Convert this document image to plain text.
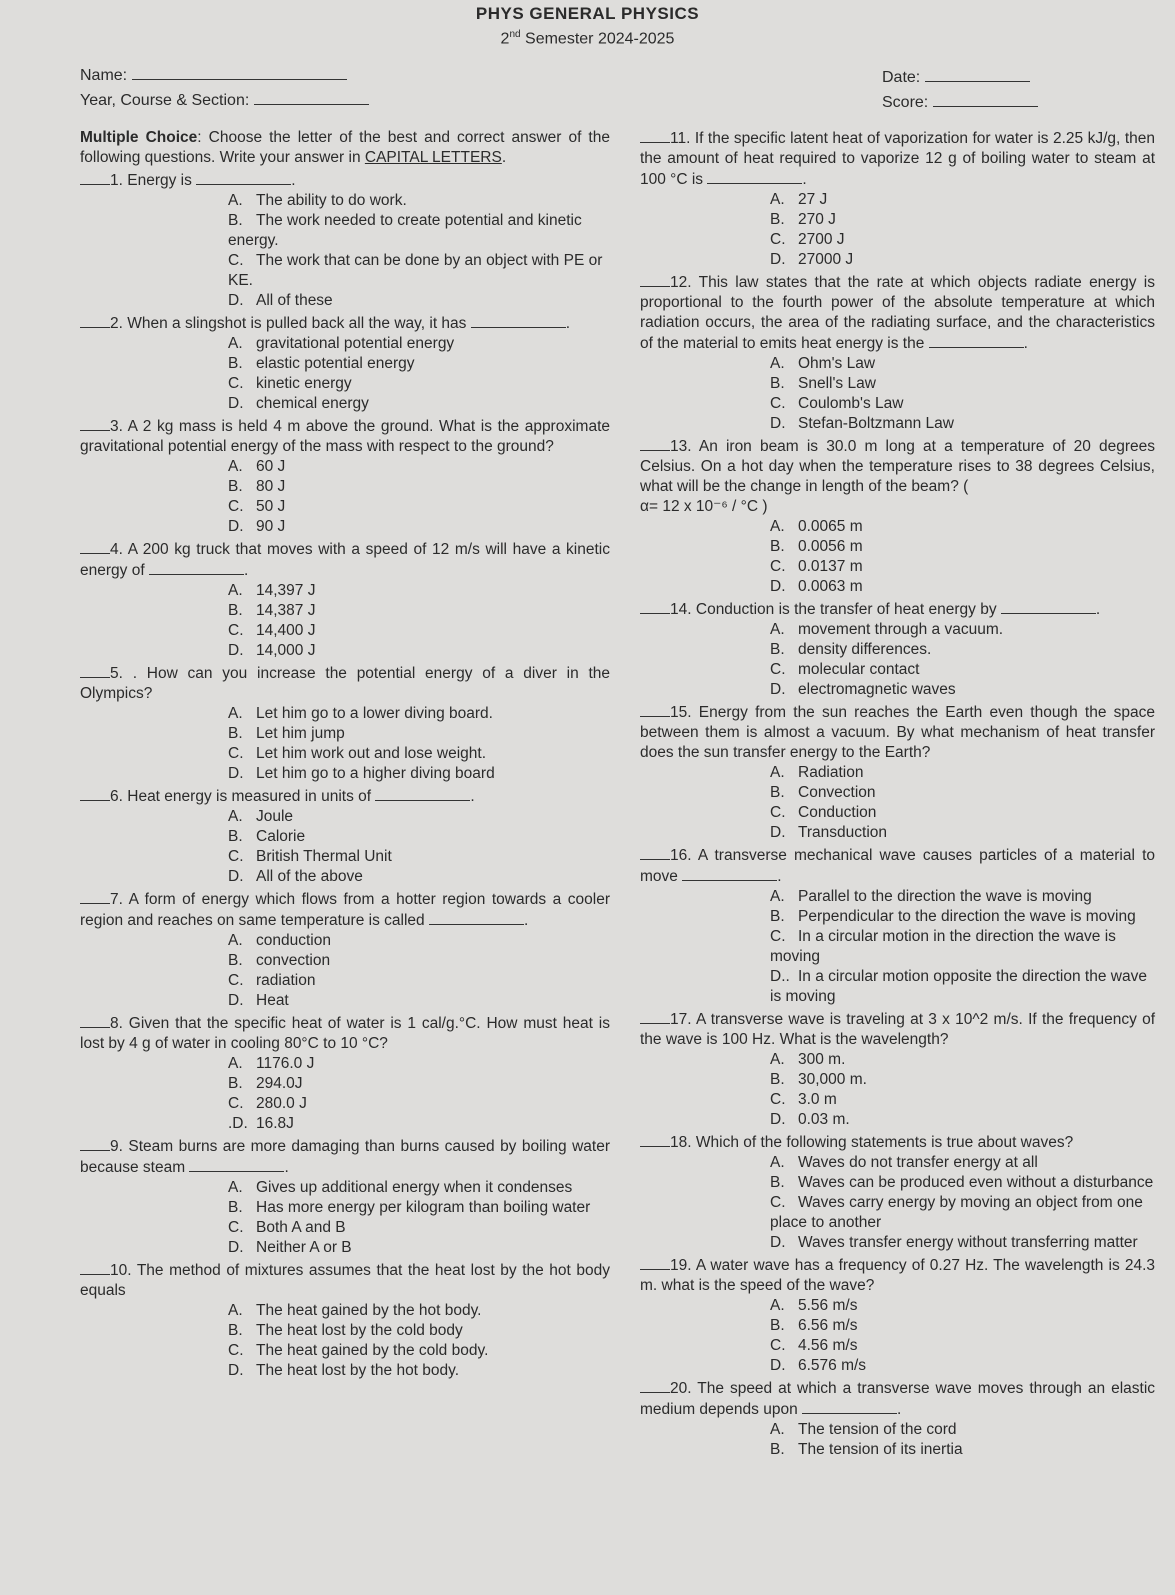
PHYS GENERAL PHYSICS
2nd Semester 2024-2025
Name:
Year, Course & Section:
Date:
Score:
Multiple Choice: Choose the letter of the best and correct answer of the following questions. Write your answer in CAPITAL LETTERS.
1. Energy is	.
A. The ability to do work.
B. The work needed to create potential and kinetic energy.
C. The work that can be done by an object with PE or KE.
D. All of these
2. When a slingshot is pulled back all the way, it has	.
A. gravitational potential energy
B. elastic potential energy
C. kinetic energy
D. chemical energy
3. A 2 kg mass is held 4 m above the ground. What is the approximate gravitational potential energy of the mass with respect to the ground?
A. 60 J
B. 80 J
C. 50 J
D. 90 J
4. A 200 kg truck that moves with a speed of 12 m/s will have a kinetic energy of	.
A. 14,397 J
B. 14,387 J
C. 14,400 J
D. 14,000 J
5. . How can you increase the potential energy of a diver in the Olympics?
A. Let him go to a lower diving board.
B. Let him jump
C. Let him work out and lose weight.
D. Let him go to a higher diving board
6. Heat energy is measured in units of	.
A. Joule
B. Calorie
C. British Thermal Unit
D. All of the above
7. A form of energy which flows from a hotter region towards a cooler region and reaches on same temperature is called	.
A. conduction
B. convection
C. radiation
D. Heat
8. Given that the specific heat of water is 1 cal/g.°C. How must heat is lost by 4 g of water in cooling 80°C to 10 °C?
A. 1176.0 J
B. 294.0J
C. 280.0 J
.D. 16.8J
9. Steam burns are more damaging than burns caused by boiling water because steam	.
A. Gives up additional energy when it condenses
B. Has more energy per kilogram than boiling water
C. Both A and B
D. Neither A or B
10. The method of mixtures assumes that the heat lost by the hot body equals
A. The heat gained by the hot body.
B. The heat lost by the cold body
C. The heat gained by the cold body.
D. The heat lost by the hot body.
11. If the specific latent heat of vaporization for water is 2.25 kJ/g, then the amount of heat required to vaporize 12 g of boiling water to steam at 100 °C is	.
A. 27 J
B. 270 J
C. 2700 J
D. 27000 J
12. This law states that the rate at which objects radiate energy is proportional to the fourth power of the absolute temperature at which radiation occurs, the area of the radiating surface, and the characteristics of the material to emits heat energy is the	.
A. Ohm's Law
B. Snell's Law
C. Coulomb's Law
D. Stefan-Boltzmann Law
13. An iron beam is 30.0 m long at a temperature of 20 degrees Celsius. On a hot day when the temperature rises to 38 degrees Celsius, what will be the change in length of the beam? (
α= 12 x 10⁻⁶ / °C )
A. 0.0065 m
B. 0.0056 m
C. 0.0137 m
D. 0.0063 m
14. Conduction is the transfer of heat energy by	.
A. movement through a vacuum.
B. density differences.
C. molecular contact
D. electromagnetic waves
15. Energy from the sun reaches the Earth even though the space between them is almost a vacuum. By what mechanism of heat transfer does the sun transfer energy to the Earth?
A. Radiation
B. Convection
C. Conduction
D. Transduction
16. A transverse mechanical wave causes particles of a material to move	.
A. Parallel to the direction the wave is moving
B. Perpendicular to the direction the wave is moving
C. In a circular motion in the direction the wave is moving
D.. In a circular motion opposite the direction the wave is moving
17. A transverse wave is traveling at 3 x 10^2 m/s. If the frequency of the wave is 100 Hz. What is the wavelength?
A. 300 m.
B. 30,000 m.
C. 3.0 m
D. 0.03 m.
18. Which of the following statements is true about waves?
A. Waves do not transfer energy at all
B. Waves can be produced even without a disturbance
C. Waves carry energy by moving an object from one place to another
D. Waves transfer energy without transferring matter
19. A water wave has a frequency of 0.27 Hz. The wavelength is 24.3 m. what is the speed of the wave?
A. 5.56 m/s
B. 6.56 m/s
C. 4.56 m/s
D. 6.576 m/s
20. The speed at which a transverse wave moves through an elastic medium depends upon	.
A. The tension of the cord
B. The tension of its inertia
